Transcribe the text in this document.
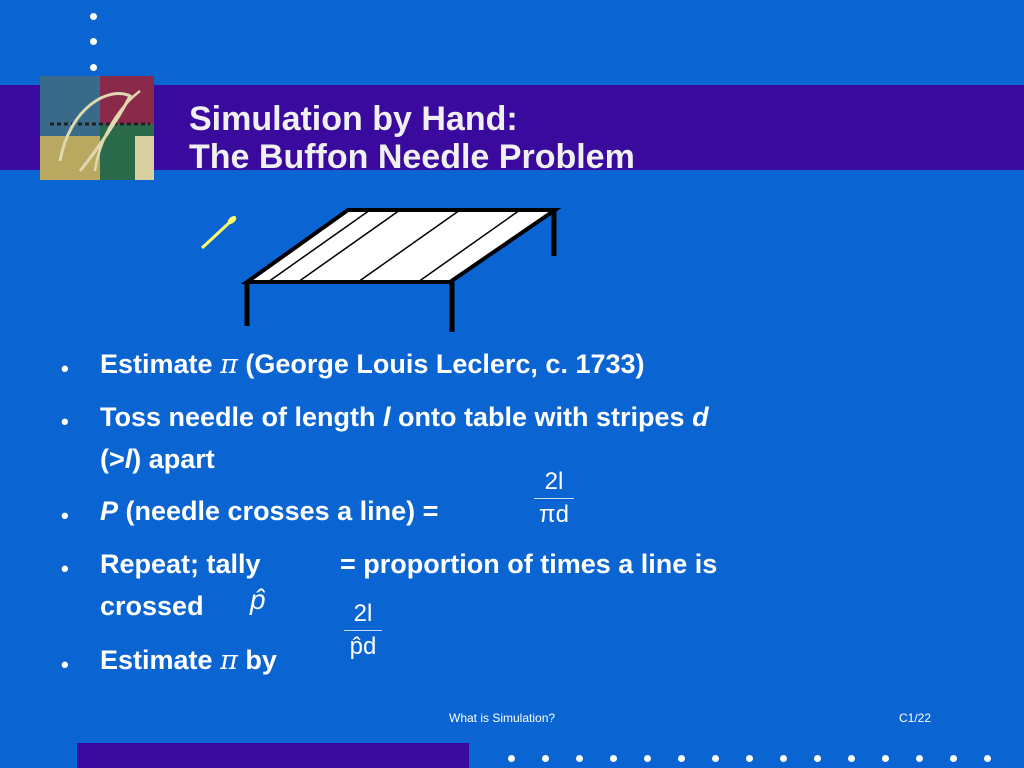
Simulation by Hand:
The Buffon Needle Problem
• Estimate π (George Louis Leclerc, c. 1733)
• Toss needle of length l onto table with stripes d
(>l) apart
• P (needle crosses a line) =
2l
πd
• Repeat; tally	= proportion of times a line is
crossed p̂
• Estimate π by
2l
p̂d
What is Simulation?	C1/22
